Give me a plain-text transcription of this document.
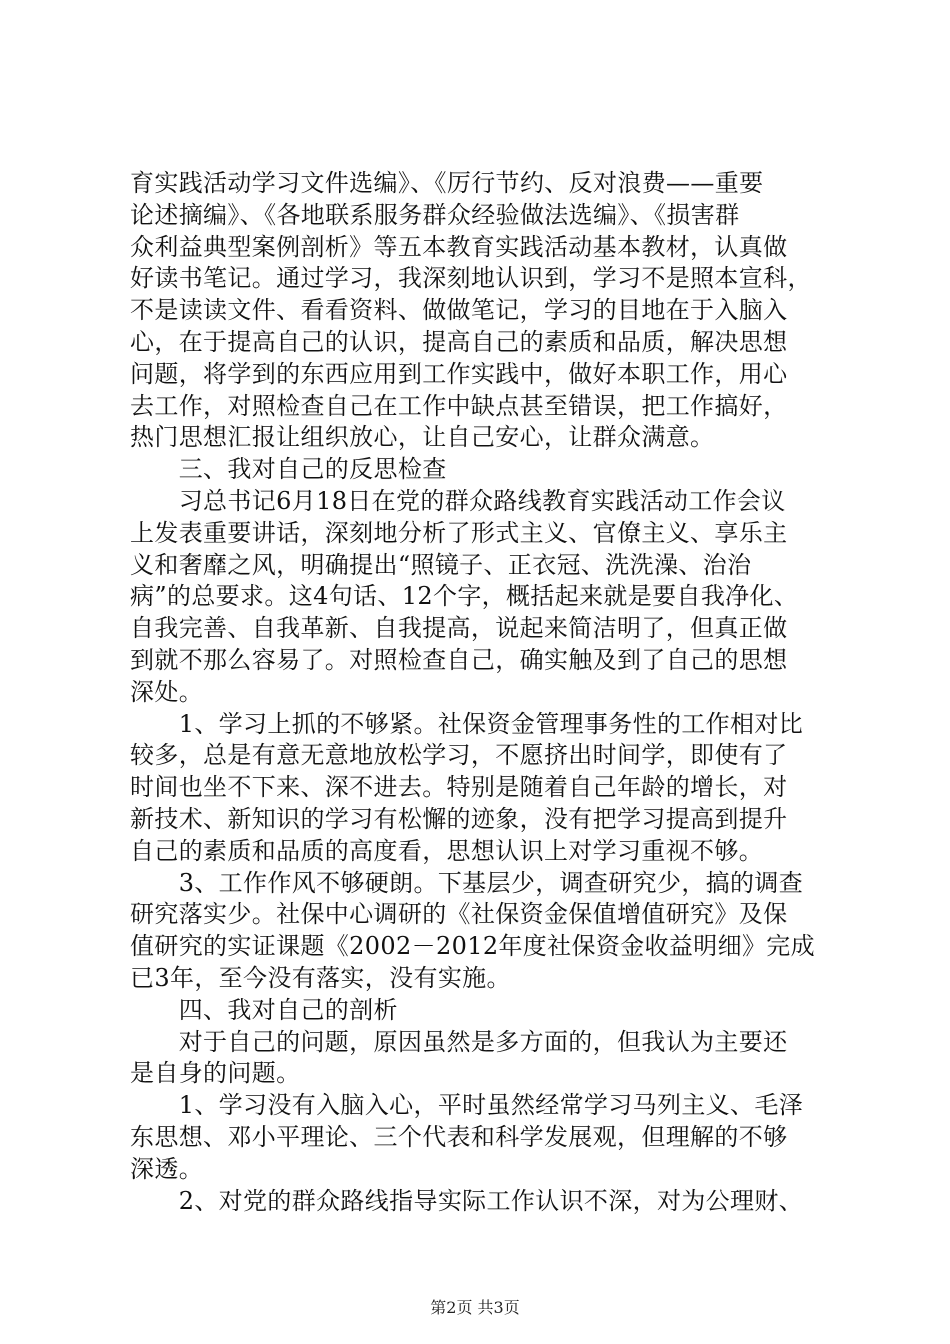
育实践活动学习文件选编》、《厉行节约、反对浪费——重要
论述摘编》、《各地联系服务群众经验做法选编》、《损害群
众利益典型案例剖析》等五本教育实践活动基本教材，认真做
好读书笔记。通过学习，我深刻地认识到，学习不是照本宣科，
不是读读文件、看看资料、做做笔记，学习的目地在于入脑入
心，在于提高自己的认识，提高自己的素质和品质，解决思想
问题，将学到的东西应用到工作实践中，做好本职工作，用心
去工作，对照检查自己在工作中缺点甚至错误，把工作搞好，
热门思想汇报让组织放心，让自己安心，让群众满意。
　　三、我对自己的反思检查
　　习总书记6月18日在党的群众路线教育实践活动工作会议
上发表重要讲话，深刻地分析了形式主义、官僚主义、享乐主
义和奢靡之风，明确提出“照镜子、正衣冠、洗洗澡、治治
病”的总要求。这4句话、12个字，概括起来就是要自我净化、
自我完善、自我革新、自我提高，说起来简洁明了，但真正做
到就不那么容易了。对照检查自己，确实触及到了自己的思想
深处。
　　1、学习上抓的不够紧。社保资金管理事务性的工作相对比
较多，总是有意无意地放松学习，不愿挤出时间学，即使有了
时间也坐不下来、深不进去。特别是随着自己年龄的增长，对
新技术、新知识的学习有松懈的迹象，没有把学习提高到提升
自己的素质和品质的高度看，思想认识上对学习重视不够。
　　3、工作作风不够硬朗。下基层少，调查研究少，搞的调查
研究落实少。社保中心调研的《社保资金保值增值研究》及保
值研究的实证课题《2002－2012年度社保资金收益明细》完成
已3年，至今没有落实，没有实施。
　　四、我对自己的剖析
　　对于自己的问题，原因虽然是多方面的，但我认为主要还
是自身的问题。
　　1、学习没有入脑入心，平时虽然经常学习马列主义、毛泽
东思想、邓小平理论、三个代表和科学发展观，但理解的不够
深透。
　　2、对党的群众路线指导实际工作认识不深，对为公理财、
第2页 共3页
